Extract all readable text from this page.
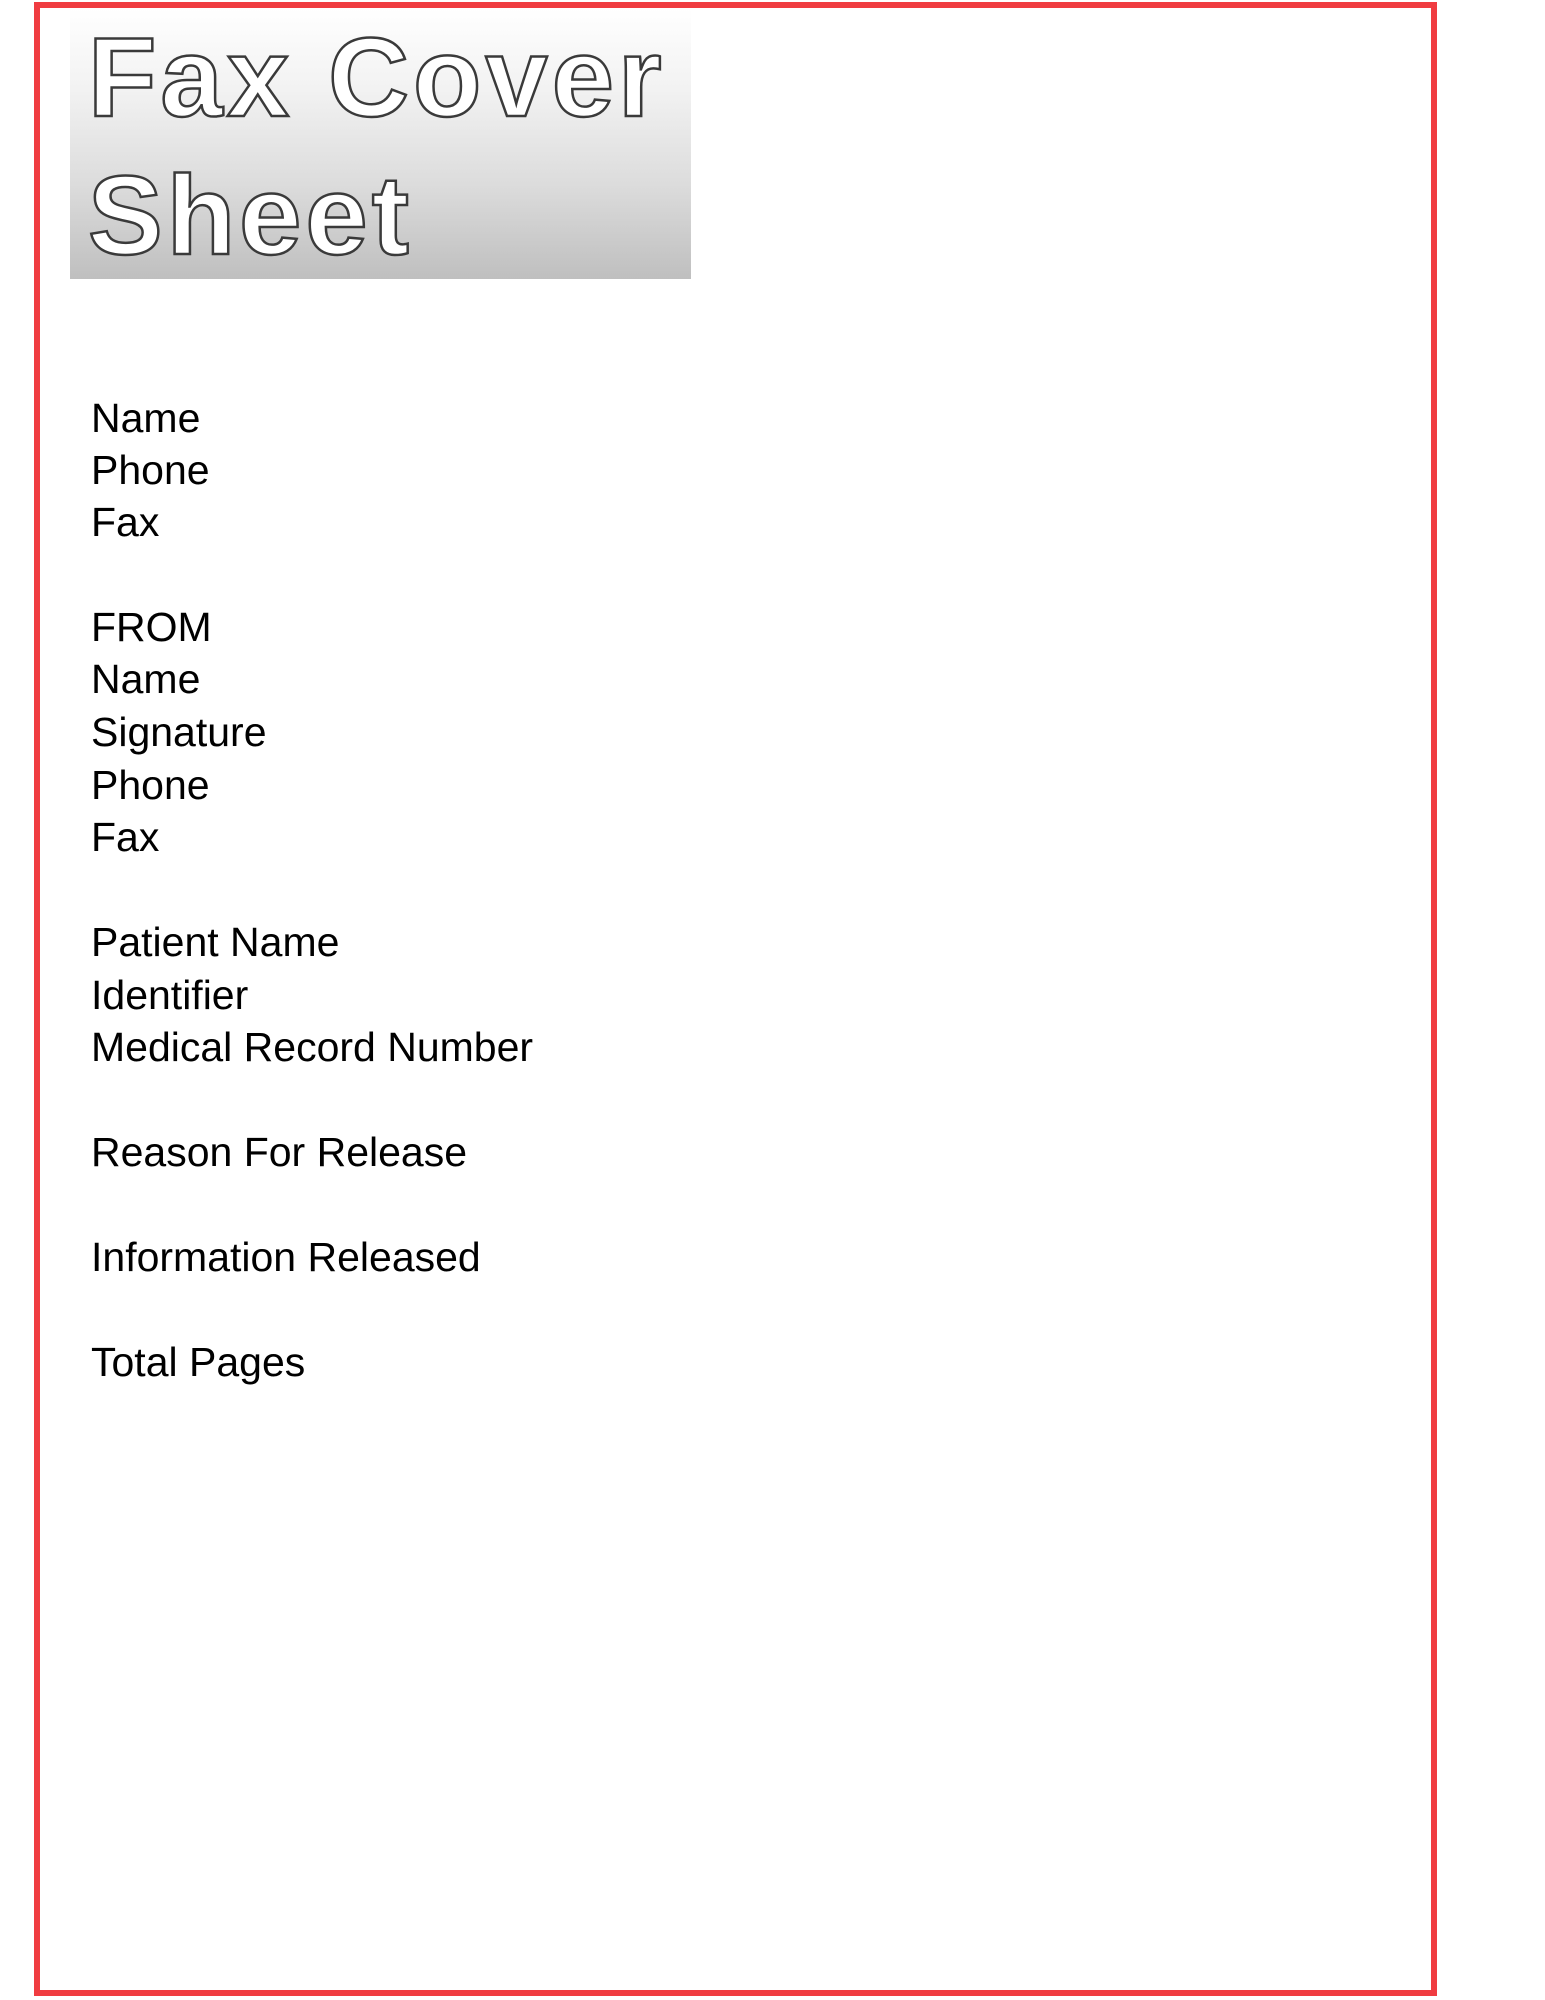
Fax Cover
Sheet

Name

Phone

Fax

FROM

Name

Signature

Phone

Fax

Patient Name

Identifier

Medical Record Number

Reason For Release

Information Released

Total Pages
